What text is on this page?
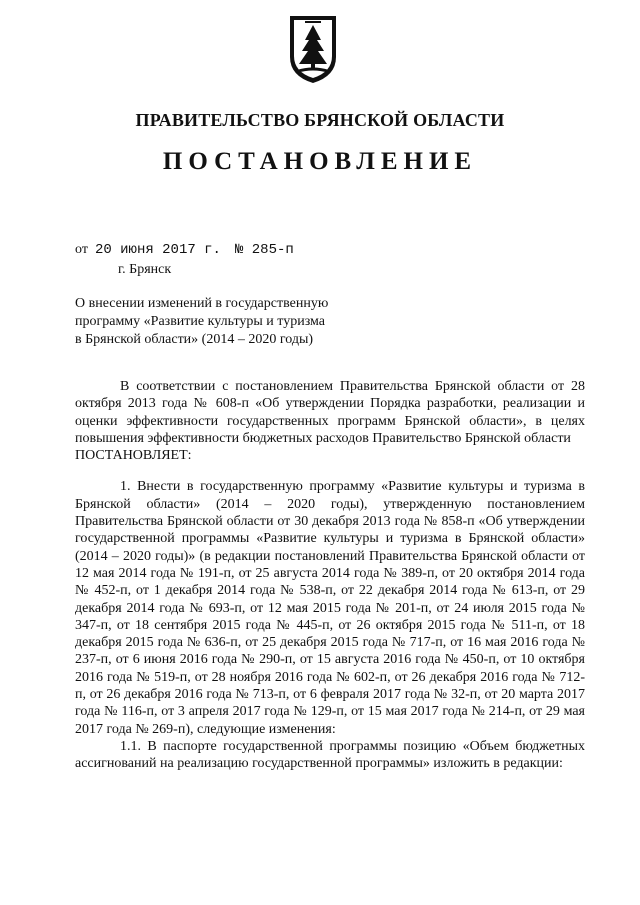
ПРАВИТЕЛЬСТВО БРЯНСКОЙ ОБЛАСТИ
ПОСТАНОВЛЕНИЕ
от 20 июня 2017 г. № 285-п
г. Брянск
О внесении изменений в государственную
программу «Развитие культуры и туризма
в Брянской области» (2014 – 2020 годы)

В соответствии с постановлением Правительства Брянской области от 28 октября 2013 года № 608-п «Об утверждении Порядка разработки, реализации и оценки эффективности государственных программ Брянской области», в целях повышения эффективности бюджетных расходов Правительство Брянской области

ПОСТАНОВЛЯЕТ:

1. Внести в государственную программу «Развитие культуры и туризма в Брянской области» (2014 – 2020 годы), утвержденную постановлением Правительства Брянской области от 30 декабря 2013 года № 858-п «Об утверждении государственной программы «Развитие культуры и туризма в Брянской области» (2014 – 2020 годы)» (в редакции постановлений Правительства Брянской области от 12 мая 2014 года № 191-п, от 25 августа 2014 года № 389-п, от 20 октября 2014 года № 452-п, от 1 декабря 2014 года № 538-п, от 22 декабря 2014 года № 613-п, от 29 декабря 2014 года № 693-п, от 12 мая 2015 года № 201-п, от 24 июля 2015 года № 347-п, от 18 сентября 2015 года № 445-п, от 26 октября 2015 года № 511-п, от 18 декабря 2015 года № 636-п, от 25 декабря 2015 года № 717-п, от 16 мая 2016 года № 237-п, от 6 июня 2016 года № 290-п, от 15 августа 2016 года № 450-п, от 10 октября 2016 года № 519-п, от 28 ноября 2016 года № 602-п, от 26 декабря 2016 года № 712-п, от 26 декабря 2016 года № 713-п, от 6 февраля 2017 года № 32-п, от 20 марта 2017 года № 116-п, от 3 апреля 2017 года № 129-п, от 15 мая 2017 года № 214-п, от 29 мая 2017 года № 269-п), следующие изменения:

1.1. В паспорте государственной программы позицию «Объем бюджетных ассигнований на реализацию государственной программы» изложить в редакции:
